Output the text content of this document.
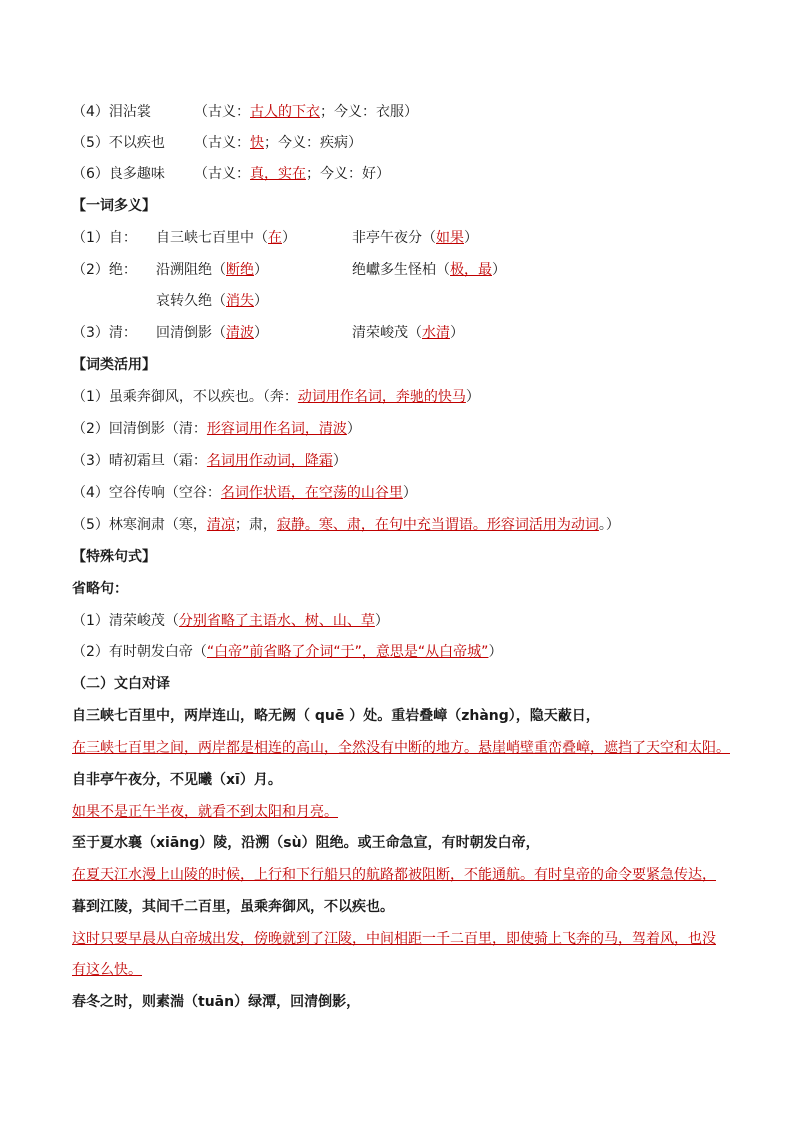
（4）泪沾裳	（古义：古人的下衣；今义：衣服）
（5）不以疾也 （古义：快；今义：疾病）
（6）良多趣味 （古义：真，实在；今义：好）
【一词多义】
（1）自： 自三峡七百里中（在）	非亭午夜分（如果）
（2）绝： 沿溯阻绝（断绝）	绝巘多生怪柏（极，最）
哀转久绝（消失）
（3）清： 回清倒影（清波）	清荣峻茂（水清）
【词类活用】
（1）虽乘奔御风，不以疾也。（奔：动词用作名词，奔驰的快马）
（2）回清倒影（清：形容词用作名词，清波）
（3）晴初霜旦（霜：名词用作动词，降霜）
（4）空谷传响（空谷：名词作状语，在空荡的山谷里）
（5）林寒涧肃（寒，清凉；肃，寂静。寒、肃，在句中充当谓语。形容词活用为动词。）
【特殊句式】
省略句：
（1）清荣峻茂（分别省略了主语水、树、山、草）
（2）有时朝发白帝（“白帝”前省略了介词“于”，意思是“从白帝城”）
（二）文白对译
自三峡七百里中，两岸连山，略无阙（ quē ）处。重岩叠嶂（zhàng），隐天蔽日，
在三峡七百里之间，两岸都是相连的高山，全然没有中断的地方。悬崖峭壁重峦叠嶂，遮挡了天空和太阳。
自非亭午夜分，不见曦（xī）月。
如果不是正午半夜，就看不到太阳和月亮。
至于夏水襄（xiāng）陵，沿溯（sù）阻绝。或王命急宣，有时朝发白帝，
在夏天江水漫上山陵的时候，上行和下行船只的航路都被阻断，不能通航。有时皇帝的命令要紧急传达，
暮到江陵，其间千二百里，虽乘奔御风，不以疾也。
这时只要早晨从白帝城出发，傍晚就到了江陵，中间相距一千二百里，即使骑上飞奔的马，驾着风，也没
有这么快。
春冬之时，则素湍（tuān）绿潭，回清倒影，
